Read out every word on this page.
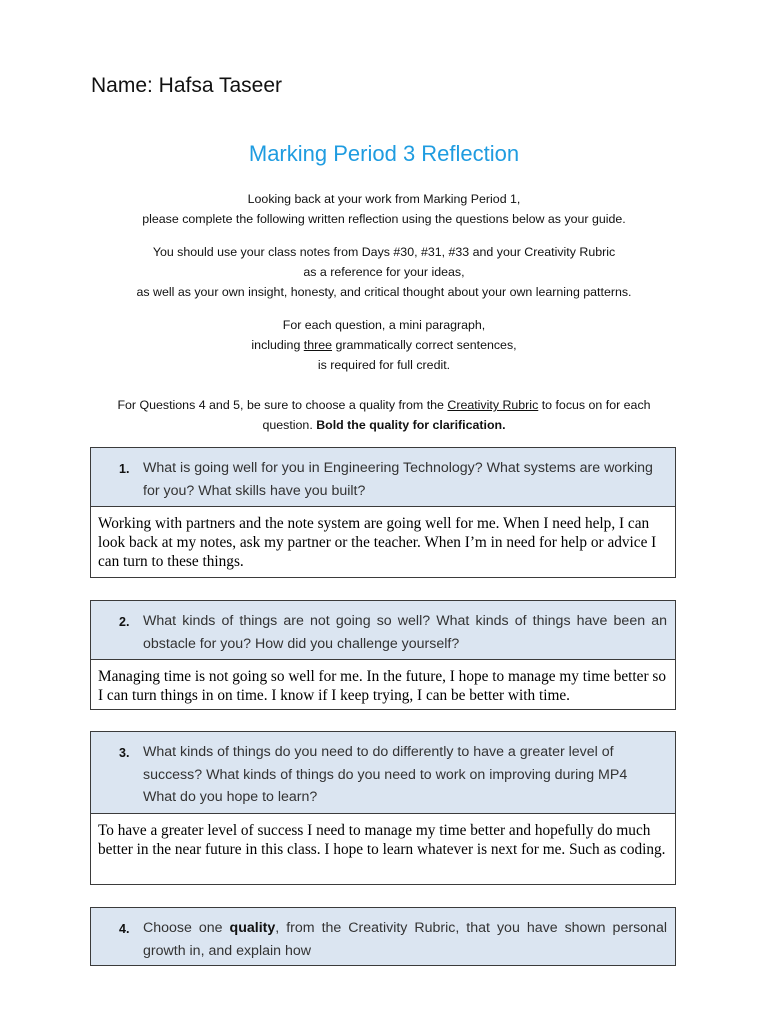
Name: Hafsa Taseer
Marking Period 3 Reflection
Looking back at your work from Marking Period 1,
please complete the following written reflection using the questions below as your guide.
You should use your class notes from Days #30, #31, #33 and your Creativity Rubric
as a reference for your ideas,
as well as your own insight, honesty, and critical thought about your own learning patterns.
For each question, a mini paragraph,
including three grammatically correct sentences,
is required for full credit.
For Questions 4 and 5, be sure to choose a quality from the Creativity Rubric to focus on for each
question. Bold the quality for clarification.
1. What is going well for you in Engineering Technology? What systems are working
for you? What skills have you built?
Working with partners and the note system are going well for me. When I need help, I can look back at my notes, ask my partner or the teacher. When I’m in need for help or advice I can turn to these things.
2. What kinds of things are not going so well? What kinds of things have been an
obstacle for you? How did you challenge yourself?
Managing time is not going so well for me. In the future, I hope to manage my time better so I can turn things in on time. I know if I keep trying, I can be better with time.
3. What kinds of things do you need to do differently to have a greater level of
success? What kinds of things do you need to work on improving during MP4
What do you hope to learn?
To have a greater level of success I need to manage my time better and hopefully do much better in the near future in this class. I hope to learn whatever is next for me. Such as coding.
4. Choose one quality, from the Creativity Rubric, that you have shown personal
growth in, and explain how
